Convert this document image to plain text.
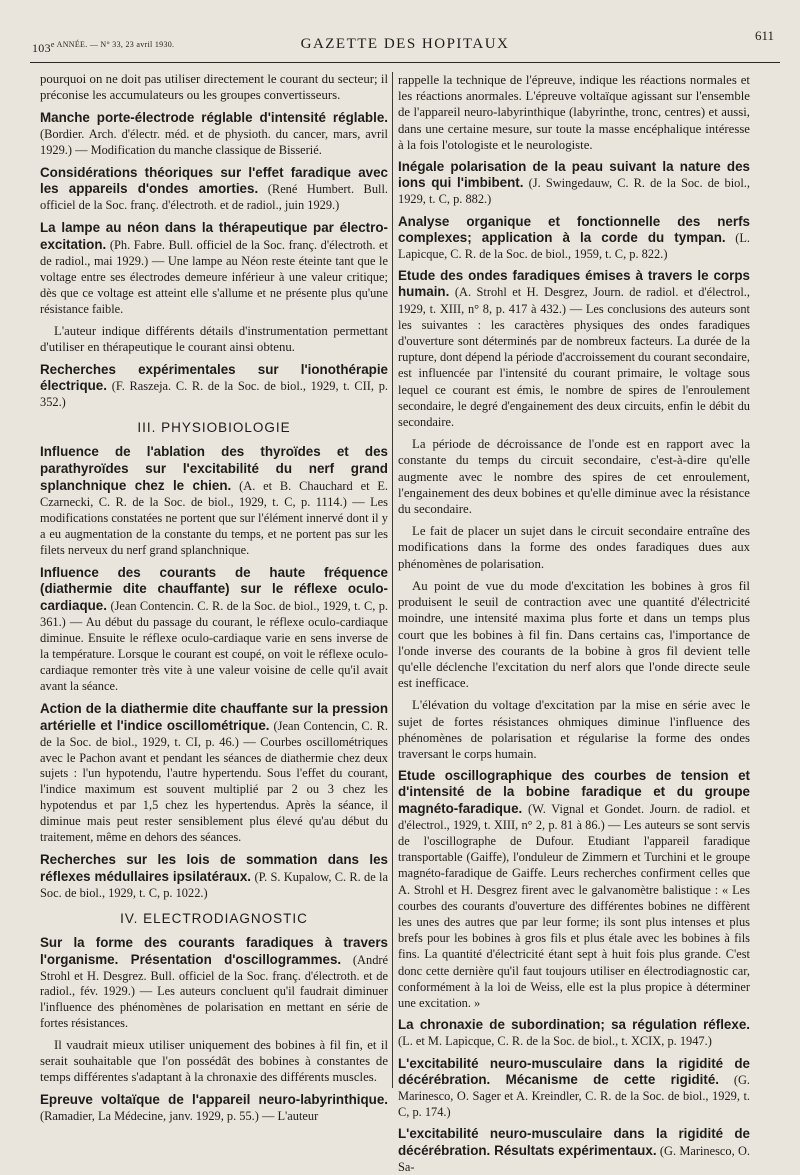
$103^{e ANNÉE. — N^\circ 33, 23 avril 1930.}$	GAZETTE DES HOPITAUX
611

pourquoi on ne doit pas utiliser directement le courant du secteur; il préconise les accumulateurs ou les groupes convertisseurs.

Manche porte-électrode réglable d'intensité réglable. (Bordier. Arch. d'électr. méd. et de physioth. du cancer, mars, avril 1929.) — Modification du manche classique de Bisserié.

Considérations théoriques sur l'effet faradique avec les appareils d'ondes amorties. (René Humbert. Bull. officiel de la Soc. franç. d'électroth. et de radiol., juin 1929.)

La lampe au néon dans la thérapeutique par électro-excitation. (Ph. Fabre. Bull. officiel de la Soc. franç. d'électroth. et de radiol., mai 1929.) — Une lampe au Néon reste éteinte tant que le voltage entre ses électrodes demeure inférieur à une valeur critique; dès que ce voltage est atteint elle s'allume et ne présente plus qu'une résistance faible.

L'auteur indique différents détails d'instrumentation permettant d'utiliser en thérapeutique le courant ainsi obtenu.

Recherches expérimentales sur l'ionothérapie électrique. (F. Raszeja. C. R. de la Soc. de biol., 1929, t. CII, p. 352.)

III. PHYSIOBIOLOGIE

Influence de l'ablation des thyroïdes et des parathyroïdes sur l'excitabilité du nerf grand splanchnique chez le chien. (A. et B. Chauchard et E. Czarnecki, C. R. de la Soc. de biol., 1929, t. C, p. 1114.) — Les modifications constatées ne portent que sur l'élément innervé dont il y a eu augmentation de la constante du temps, et ne portent pas sur les filets nerveux du nerf grand splanchnique.

Influence des courants de haute fréquence (diathermie dite chauffante) sur le réflexe oculo-cardiaque. (Jean Contencin. C. R. de la Soc. de biol., 1929, t. C, p. 361.) — Au début du passage du courant, le réflexe oculo-cardiaque diminue. Ensuite le réflexe oculo-cardiaque varie en sens inverse de la température. Lorsque le courant est coupé, on voit le réflexe oculo-cardiaque remonter très vite à une valeur voisine de celle qu'il avait avant la séance.

Action de la diathermie dite chauffante sur la pression artérielle et l'indice oscillométrique. (Jean Contencin, C. R. de la Soc. de biol., 1929, t. CI, p. 46.) — Courbes oscillométriques avec le Pachon avant et pendant les séances de diathermie chez deux sujets : l'un hypotendu, l'autre hypertendu. Sous l'effet du courant, l'indice maximum est souvent multiplié par 2 ou 3 chez les hypotendus et par 1,5 chez les hypertendus. Après la séance, il diminue mais peut rester sensiblement plus élevé qu'au début du traitement, même en dehors des séances.

Recherches sur les lois de sommation dans les réflexes médullaires ipsilatéraux. (P. S. Kupalow, C. R. de la Soc. de biol., 1929, t. C, p. 1022.)

IV. ELECTRODIAGNOSTIC

Sur la forme des courants faradiques à travers l'organisme. Présentation d'oscillogrammes. (André Strohl et H. Desgrez. Bull. officiel de la Soc. franç. d'électroth. et de radiol., fév. 1929.) — Les auteurs concluent qu'il faudrait diminuer l'influence des phénomènes de polarisation en mettant en série de fortes résistances.

Il vaudrait mieux utiliser uniquement des bobines à fil fin, et il serait souhaitable que l'on possédât des bobines à constantes de temps différentes s'adaptant à la chronaxie des différents muscles.

Epreuve voltaïque de l'appareil neuro-labyrinthique. (Ramadier, La Médecine, janv. 1929, p. 55.) — L'auteur

rappelle la technique de l'épreuve, indique les réactions normales et les réactions anormales. L'épreuve voltaïque agissant sur l'ensemble de l'appareil neuro-labyrinthique (labyrinthe, tronc, centres) et aussi, dans une certaine mesure, sur toute la masse encéphalique intéresse à la fois l'otologiste et le neurologiste.

Inégale polarisation de la peau suivant la nature des ions qui l'imbibent. (J. Swingedauw, C. R. de la Soc. de biol., 1929, t. C, p. 882.)

Analyse organique et fonctionnelle des nerfs complexes; application à la corde du tympan. (L. Lapicque, C. R. de la Soc. de biol., 1959, t. C, p. 822.)

Etude des ondes faradiques émises à travers le corps humain. (A. Strohl et H. Desgrez, Journ. de radiol. et d'électrol., 1929, t. XIII, n° 8, p. 417 à 432.) — Les conclusions des auteurs sont les suivantes : les caractères physiques des ondes faradiques d'ouverture sont déterminés par de nombreux facteurs. La durée de la rupture, dont dépend la période d'accroissement du courant secondaire, est influencée par l'intensité du courant primaire, le voltage sous lequel ce courant est émis, le nombre de spires de l'enroulement secondaire, le degré d'engainement des deux circuits, enfin le débit du secondaire.

La période de décroissance de l'onde est en rapport avec la constante du temps du circuit secondaire, c'est-à-dire qu'elle augmente avec le nombre des spires de cet enroulement, l'engainement des deux bobines et qu'elle diminue avec la résistance du secondaire.

Le fait de placer un sujet dans le circuit secondaire entraîne des modifications dans la forme des ondes faradiques dues aux phénomènes de polarisation.

Au point de vue du mode d'excitation les bobines à gros fil produisent le seuil de contraction avec une quantité d'électricité moindre, une intensité maxima plus forte et dans un temps plus court que les bobines à fil fin. Dans certains cas, l'importance de l'onde inverse des courants de la bobine à gros fil devient telle qu'elle déclenche l'excitation du nerf alors que l'onde directe seule est inefficace.

L'élévation du voltage d'excitation par la mise en série avec le sujet de fortes résistances ohmiques diminue l'influence des phénomènes de polarisation et régularise la forme des ondes traversant le corps humain.

Etude oscillographique des courbes de tension et d'intensité de la bobine faradique et du groupe magnéto-faradique. (W. Vignal et Gondet. Journ. de radiol. et d'électrol., 1929, t. XIII, n° 2, p. 81 à 86.) — Les auteurs se sont servis de l'oscillographe de Dufour. Etudiant l'appareil faradique transportable (Gaiffe), l'onduleur de Zimmern et Turchini et le groupe magnéto-faradique de Gaiffe. Leurs recherches confirment celles que A. Strohl et H. Desgrez firent avec le galvanomètre balistique : « Les courbes des courants d'ouverture des différentes bobines ne diffèrent les unes des autres que par leur forme; ils sont plus intenses et plus brefs pour les bobines à gros fils et plus étale avec les bobines à fils fins. La quantité d'électricité étant sept à huit fois plus grande. C'est donc cette dernière qu'il faut toujours utiliser en électrodiagnostic car, conformément à la loi de Weiss, elle est la plus propice à déterminer une excitation. »

La chronaxie de subordination; sa régulation réflexe. (L. et M. Lapicque, C. R. de la Soc. de biol., t. XCIX, p. 1947.)

L'excitabilité neuro-musculaire dans la rigidité de décérébration. Mécanisme de cette rigidité. (G. Marinesco, O. Sager et A. Kreindler, C. R. de la Soc. de biol., 1929, t. C, p. 174.)

L'excitabilité neuro-musculaire dans la rigidité de décérébration. Résultats expérimentaux. (G. Marinesco, O. Sa-
